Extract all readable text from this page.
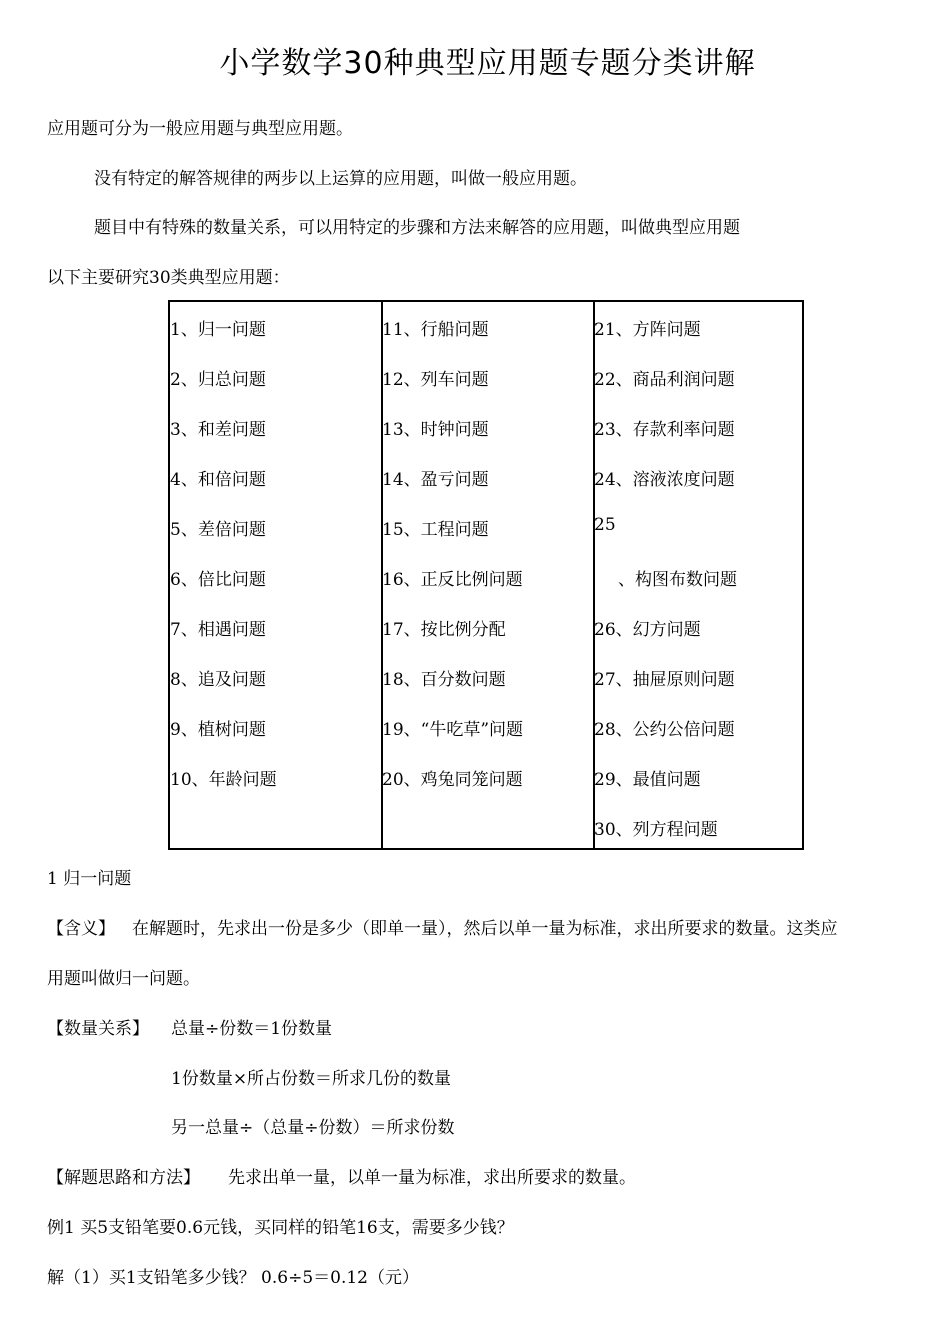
小学数学30种典型应用题专题分类讲解
应用题可分为一般应用题与典型应用题。
没有特定的解答规律的两步以上运算的应用题，叫做一般应用题。
题目中有特殊的数量关系，可以用特定的步骤和方法来解答的应用题，叫做典型应用题
以下主要研究30类典型应用题：
1、归一问题
2、归总问题
3、和差问题
4、和倍问题
5、差倍问题
6、倍比问题
7、相遇问题
8、追及问题
9、植树问题
10、年龄问题
11、行船问题
12、列车问题
13、时钟问题
14、盈亏问题
15、工程问题
16、正反比例问题
17、按比例分配
18、百分数问题
19、“牛吃草”问题
20、鸡兔同笼问题
21、方阵问题
22、商品利润问题
23、存款利率问题
24、溶液浓度问题
25
、构图布数问题
26、幻方问题
27、抽屉原则问题
28、公约公倍问题
29、最值问题
30、列方程问题
1 归一问题
【含义】 在解题时，先求出一份是多少（即单一量），然后以单一量为标准，求出所要求的数量。这类应
用题叫做归一问题。
【数量关系】 总量÷份数＝1份数量
1份数量×所占份数＝所求几份的数量
另一总量÷（总量÷份数）＝所求份数
【解题思路和方法】 先求出单一量，以单一量为标准，求出所要求的数量。
例1 买5支铅笔要0.6元钱，买同样的铅笔16支，需要多少钱？
解（1）买1支铅笔多少钱？ 0.6÷5＝0.12（元）
